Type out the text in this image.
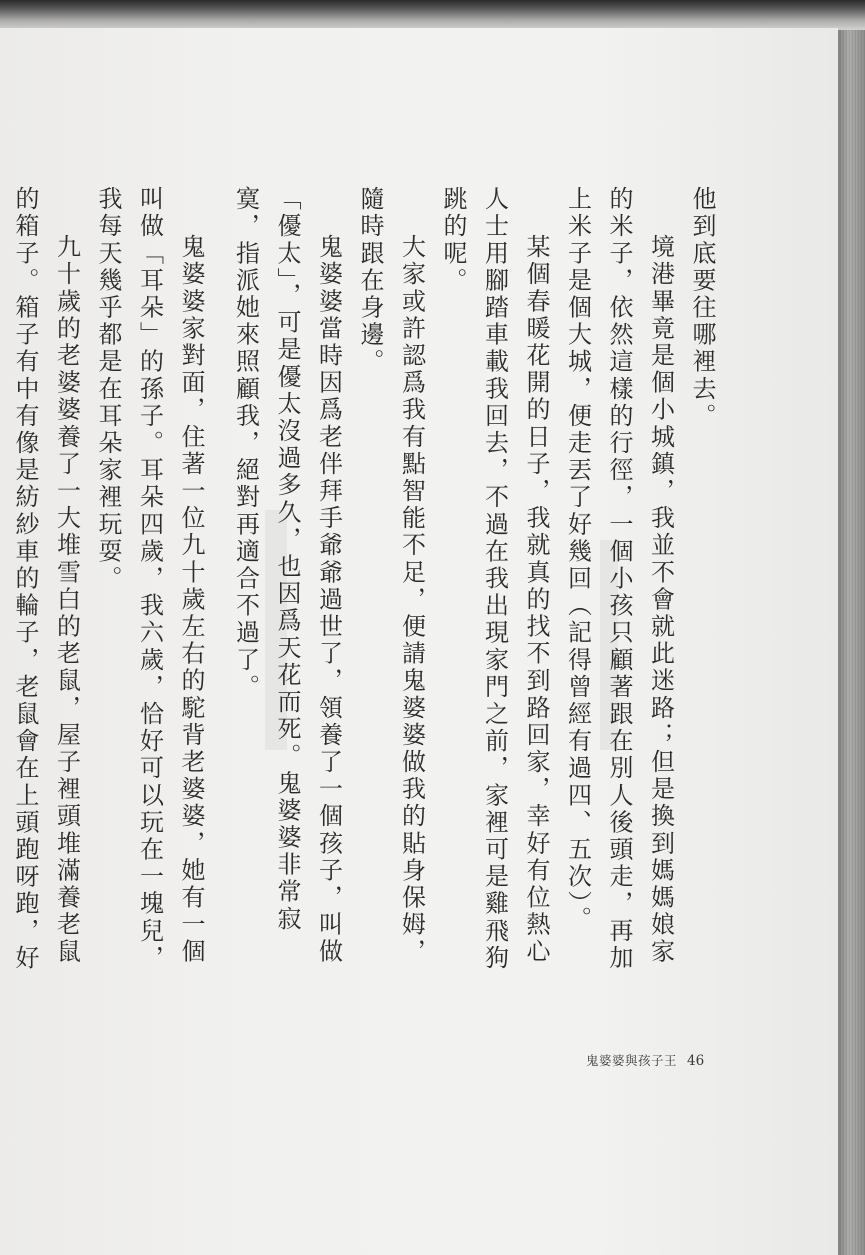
他到底要往哪裡去。

境港畢竟是個小城鎮，我並不會就此迷路；但是換到媽媽娘家的米子，依然這樣的行徑，一個小孩只顧著跟在別人後頭走，再加上米子是個大城，便走丟了好幾回（記得曾經有過四、五次）。

某個春暖花開的日子，我就真的找不到路回家，幸好有位熱心人士用腳踏車載我回去，不過在我出現家門之前，家裡可是雞飛狗跳的呢。

大家或許認爲我有點智能不足，便請鬼婆婆做我的貼身保姆，隨時跟在身邊。

鬼婆婆當時因爲老伴拜手爺爺過世了，領養了一個孩子，叫做「優太」，可是優太沒過多久，也因爲天花而死。鬼婆婆非常寂寞，指派她來照顧我，絕對再適合不過了。

鬼婆婆家對面，住著一位九十歲左右的駝背老婆婆，她有一個叫做「耳朵」的孫子。耳朵四歲，我六歲，恰好可以玩在一塊兒，我每天幾乎都是在耳朵家裡玩耍。

九十歲的老婆婆養了一大堆雪白的老鼠，屋子裡頭堆滿養老鼠的箱子。箱子有中有像是紡紗車的輪子，老鼠會在上頭跑呀跑，好

鬼婆婆與孩子王 46
